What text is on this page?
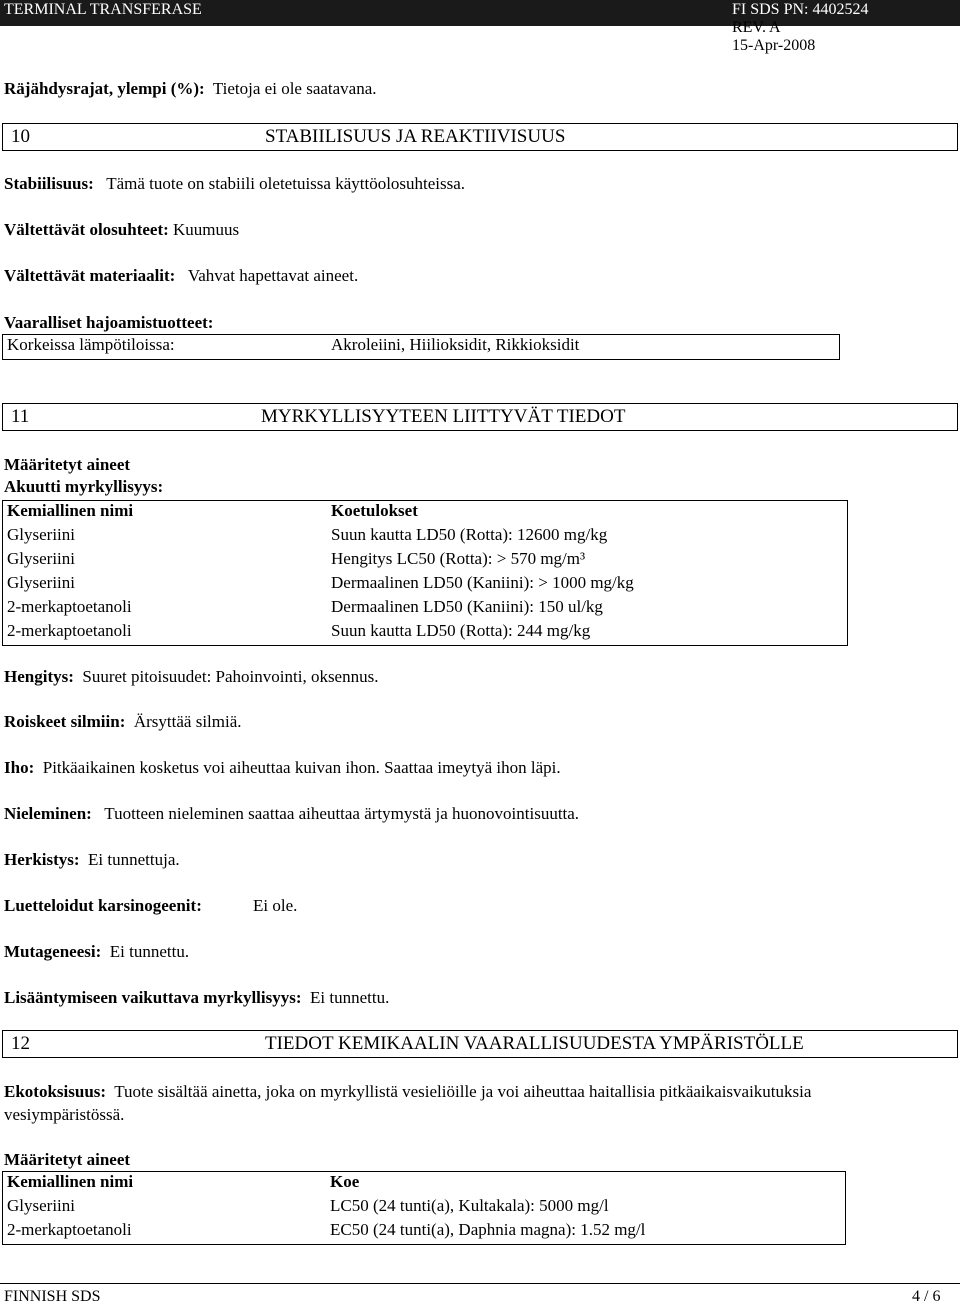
TERMINAL TRANSFERASE	FI SDS PN: 4402524
REV. A
15-Apr-2008
Räjähdysrajat, ylempi (%): Tietoja ei ole saatavana.
10	STABIILISUUS JA REAKTIIVISUUS
Stabiilisuus: Tämä tuote on stabiili oletetuissa käyttöolosuhteissa.
Vältettävät olosuhteet: Kuumuus
Vältettävät materiaalit: Vahvat hapettavat aineet.
Vaaralliset hajoamistuotteet:
Korkeissa lämpötiloissa:	Akroleiini, Hiilioksidit, Rikkioksidit
11	MYRKYLLISYYTEEN LIITTYVÄT TIEDOT
Määritetyt aineet
Akuutti myrkyllisyys:
Kemiallinen nimi	Koetulokset
Glyseriini	Suun kautta LD50 (Rotta): 12600 mg/kg
Glyseriini	Hengitys LC50 (Rotta): > 570 mg/m³
Glyseriini	Dermaalinen LD50 (Kaniini): > 1000 mg/kg
2-merkaptoetanoli	Dermaalinen LD50 (Kaniini): 150 ul/kg
2-merkaptoetanoli	Suun kautta LD50 (Rotta): 244 mg/kg
Hengitys: Suuret pitoisuudet: Pahoinvointi, oksennus.
Roiskeet silmiin: Ärsyttää silmiä.
Iho: Pitkäaikainen kosketus voi aiheuttaa kuivan ihon. Saattaa imeytyä ihon läpi.
Nieleminen: Tuotteen nieleminen saattaa aiheuttaa ärtymystä ja huonovointisuutta.
Herkistys: Ei tunnettuja.
Luetteloidut karsinogeenit:	Ei ole.
Mutageneesi: Ei tunnettu.
Lisääntymiseen vaikuttava myrkyllisyys: Ei tunnettu.
12	TIEDOT KEMIKAALIN VAARALLISUUDESTA YMPÄRISTÖLLE
Ekotoksisuus: Tuote sisältää ainetta, joka on myrkyllistä vesieliöille ja voi aiheuttaa haitallisia pitkäaikaisvaikutuksia
vesiympäristössä.
Määritetyt aineet
Kemiallinen nimi	Koe
Glyseriini	LC50 (24 tunti(a), Kultakala): 5000 mg/l
2-merkaptoetanoli	EC50 (24 tunti(a), Daphnia magna): 1.52 mg/l
FINNISH SDS	4 / 6
